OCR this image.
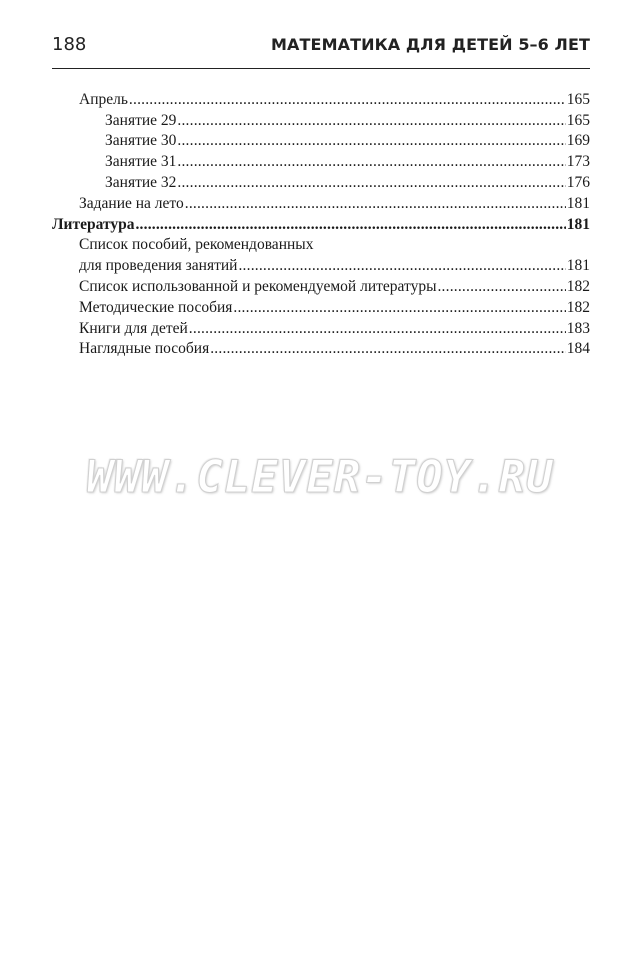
188	МАТЕМАТИКА ДЛЯ ДЕТЕЙ 5–6 ЛЕТ
Апрель .....	165
Занятие 29 .....	165
Занятие 30 .....	169
Занятие 31 .....	173
Занятие 32 .....	176
Задание на лето .....	181
Литература .....	181
Список пособий, рекомендованных
для проведения занятий .....	181
Список использованной и рекомендуемой литературы .....	182
Методические пособия .....	182
Книги для детей .....	183
Наглядные пособия .....	184
WWW.CLEVER-TOY.RU
